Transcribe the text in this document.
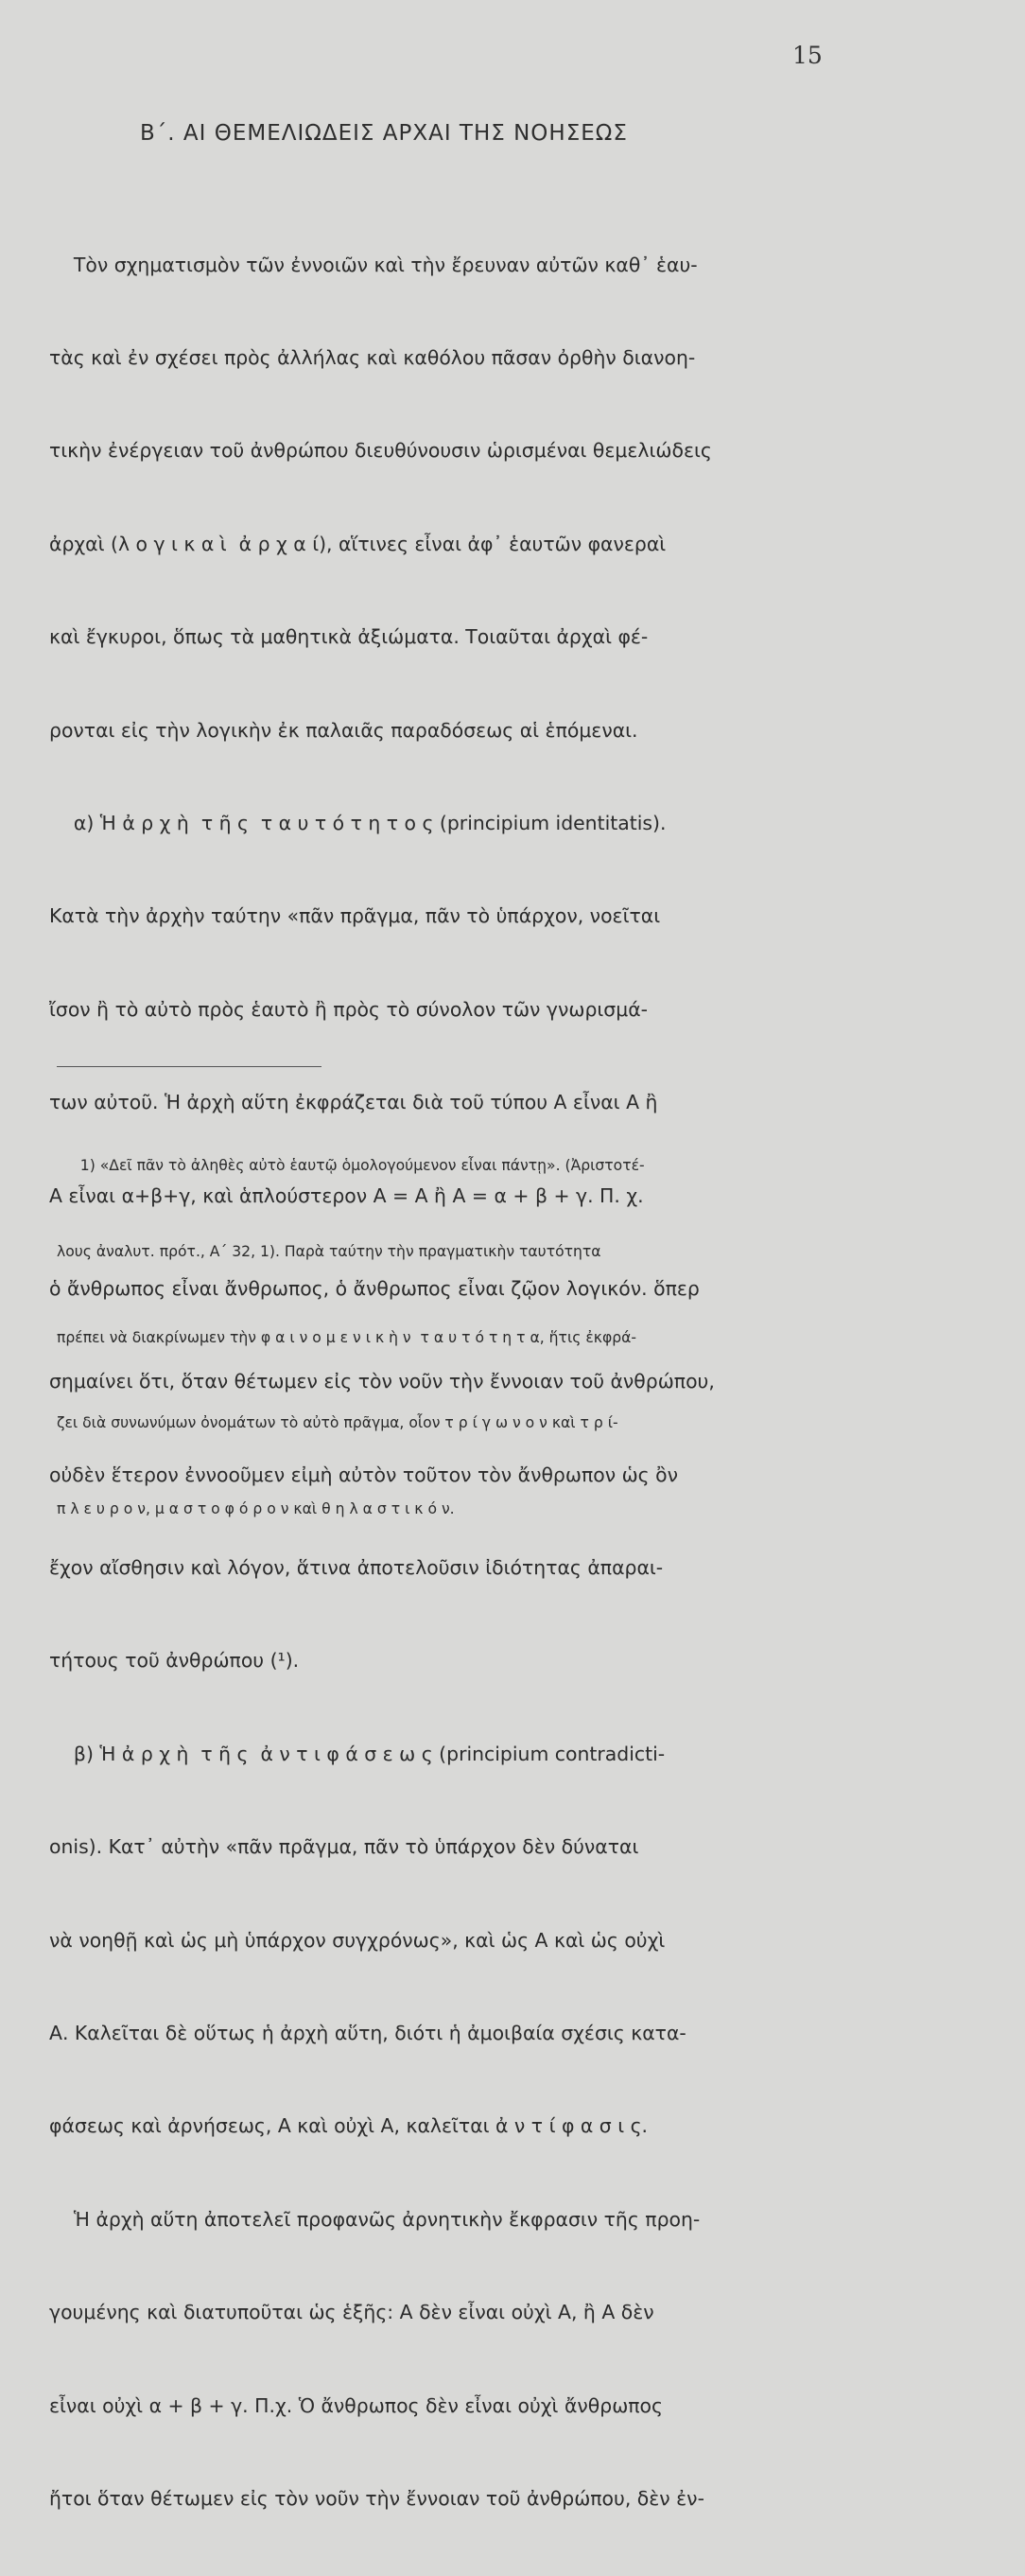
15
Β΄. ΑΙ ΘΕΜΕΛΙΩΔΕΙΣ ΑΡΧΑΙ ΤΗΣ ΝΟΗΣΕΩΣ

Τὸν σχηματισμὸν τῶν ἐννοιῶν καὶ τὴν ἔρευναν αὐτῶν καθ᾽ ἑαυ-

τὰς καὶ ἐν σχέσει πρὸς ἀλλήλας καὶ καθόλου πᾶσαν ὀρθὴν διανοη-

τικὴν ἐνέργειαν τοῦ ἀνθρώπου διευθύνουσιν ὡρισμέναι θεμελιώδεις

ἀρχαὶ (λ ο γ ι κ α ὶ  ἀ ρ χ α ί), αἵτινες εἶναι ἀφ᾽ ἑαυτῶν φανεραὶ

καὶ ἔγκυροι, ὅπως τὰ μαθητικὰ ἀξιώματα. Τοιαῦται ἀρχαὶ φέ-

ρονται εἰς τὴν λογικὴν ἐκ παλαιᾶς παραδόσεως αἱ ἑπόμεναι.

α) Ἡ ἀ ρ χ ὴ  τ ῆ ς  τ α υ τ ό τ η τ ο ς (principium identitatis).

Κατὰ τὴν ἀρχὴν ταύτην «πᾶν πρᾶγμα, πᾶν τὸ ὑπάρχον, νοεῖται

ἴσον ἢ τὸ αὐτὸ πρὸς ἑαυτὸ ἢ πρὸς τὸ σύνολον τῶν γνωρισμά-

των αὐτοῦ. Ἡ ἀρχὴ αὕτη ἐκφράζεται διὰ τοῦ τύπου Α εἶναι Α ἢ

Α εἶναι α+β+γ, καὶ ἁπλούστερον Α = Α ἢ Α = α + β + γ. Π. χ.

ὁ ἄνθρωπος εἶναι ἄνθρωπος, ὁ ἄνθρωπος εἶναι ζῷον λογικόν. ὅπερ

σημαίνει ὅτι, ὅταν θέτωμεν εἰς τὸν νοῦν τὴν ἔννοιαν τοῦ ἀνθρώπου,

οὐδὲν ἕτερον ἐννοοῦμεν εἰμὴ αὐτὸν τοῦτον τὸν ἄνθρωπον ὡς ὂν

ἔχον αἴσθησιν καὶ λόγον, ἅτινα ἀποτελοῦσιν ἰδιότητας ἀπαραι-

τήτους τοῦ ἀνθρώπου (¹).

β) Ἡ ἀ ρ χ ὴ  τ ῆ ς  ἀ ν τ ι φ ά σ ε ω ς (principium contradicti-

onis). Κατ᾽ αὐτὴν «πᾶν πρᾶγμα, πᾶν τὸ ὑπάρχον δὲν δύναται

νὰ νοηθῇ καὶ ὡς μὴ ὑπάρχον συγχρόνως», καὶ ὡς Α καὶ ὡς οὐχὶ

Α. Καλεῖται δὲ οὕτως ἡ ἀρχὴ αὕτη, διότι ἡ ἀμοιβαία σχέσις κατα-

φάσεως καὶ ἀρνήσεως, Α καὶ οὐχὶ Α, καλεῖται ἀ ν τ ί φ α σ ι ς.

Ἡ ἀρχὴ αὕτη ἀποτελεῖ προφανῶς ἀρνητικὴν ἔκφρασιν τῆς προη-

γουμένης καὶ διατυποῦται ὡς ἑξῆς: Α δὲν εἶναι οὐχὶ Α, ἢ Α δὲν

εἶναι οὐχὶ α + β + γ. Π.χ. Ὁ ἄνθρωπος δὲν εἶναι οὐχὶ ἄνθρωπος

ἤτοι ὅταν θέτωμεν εἰς τὸν νοῦν τὴν ἔννοιαν τοῦ ἀνθρώπου, δὲν ἐν-

1) «Δεῖ πᾶν τὸ ἀληθὲς αὐτὸ ἑαυτῷ ὁμολογούμενον εἶναι πάντῃ». (Ἀριστοτέ-

λους ἀναλυτ. πρότ., Α΄ 32, 1). Παρὰ ταύτην τὴν πραγματικὴν ταυτότητα

πρέπει νὰ διακρίνωμεν τὴν φ α ι ν ο μ ε ν ι κ ὴ ν  τ α υ τ ό τ η τ α, ἥτις ἐκφρά-

ζει διὰ συνωνύμων ὀνομάτων τὸ αὐτὸ πρᾶγμα, οἷον τ ρ ί γ ω ν ο ν καὶ τ ρ ί-

π λ ε υ ρ ο ν, μ α σ τ ο φ ό ρ ο ν καὶ θ η λ α σ τ ι κ ό ν.
